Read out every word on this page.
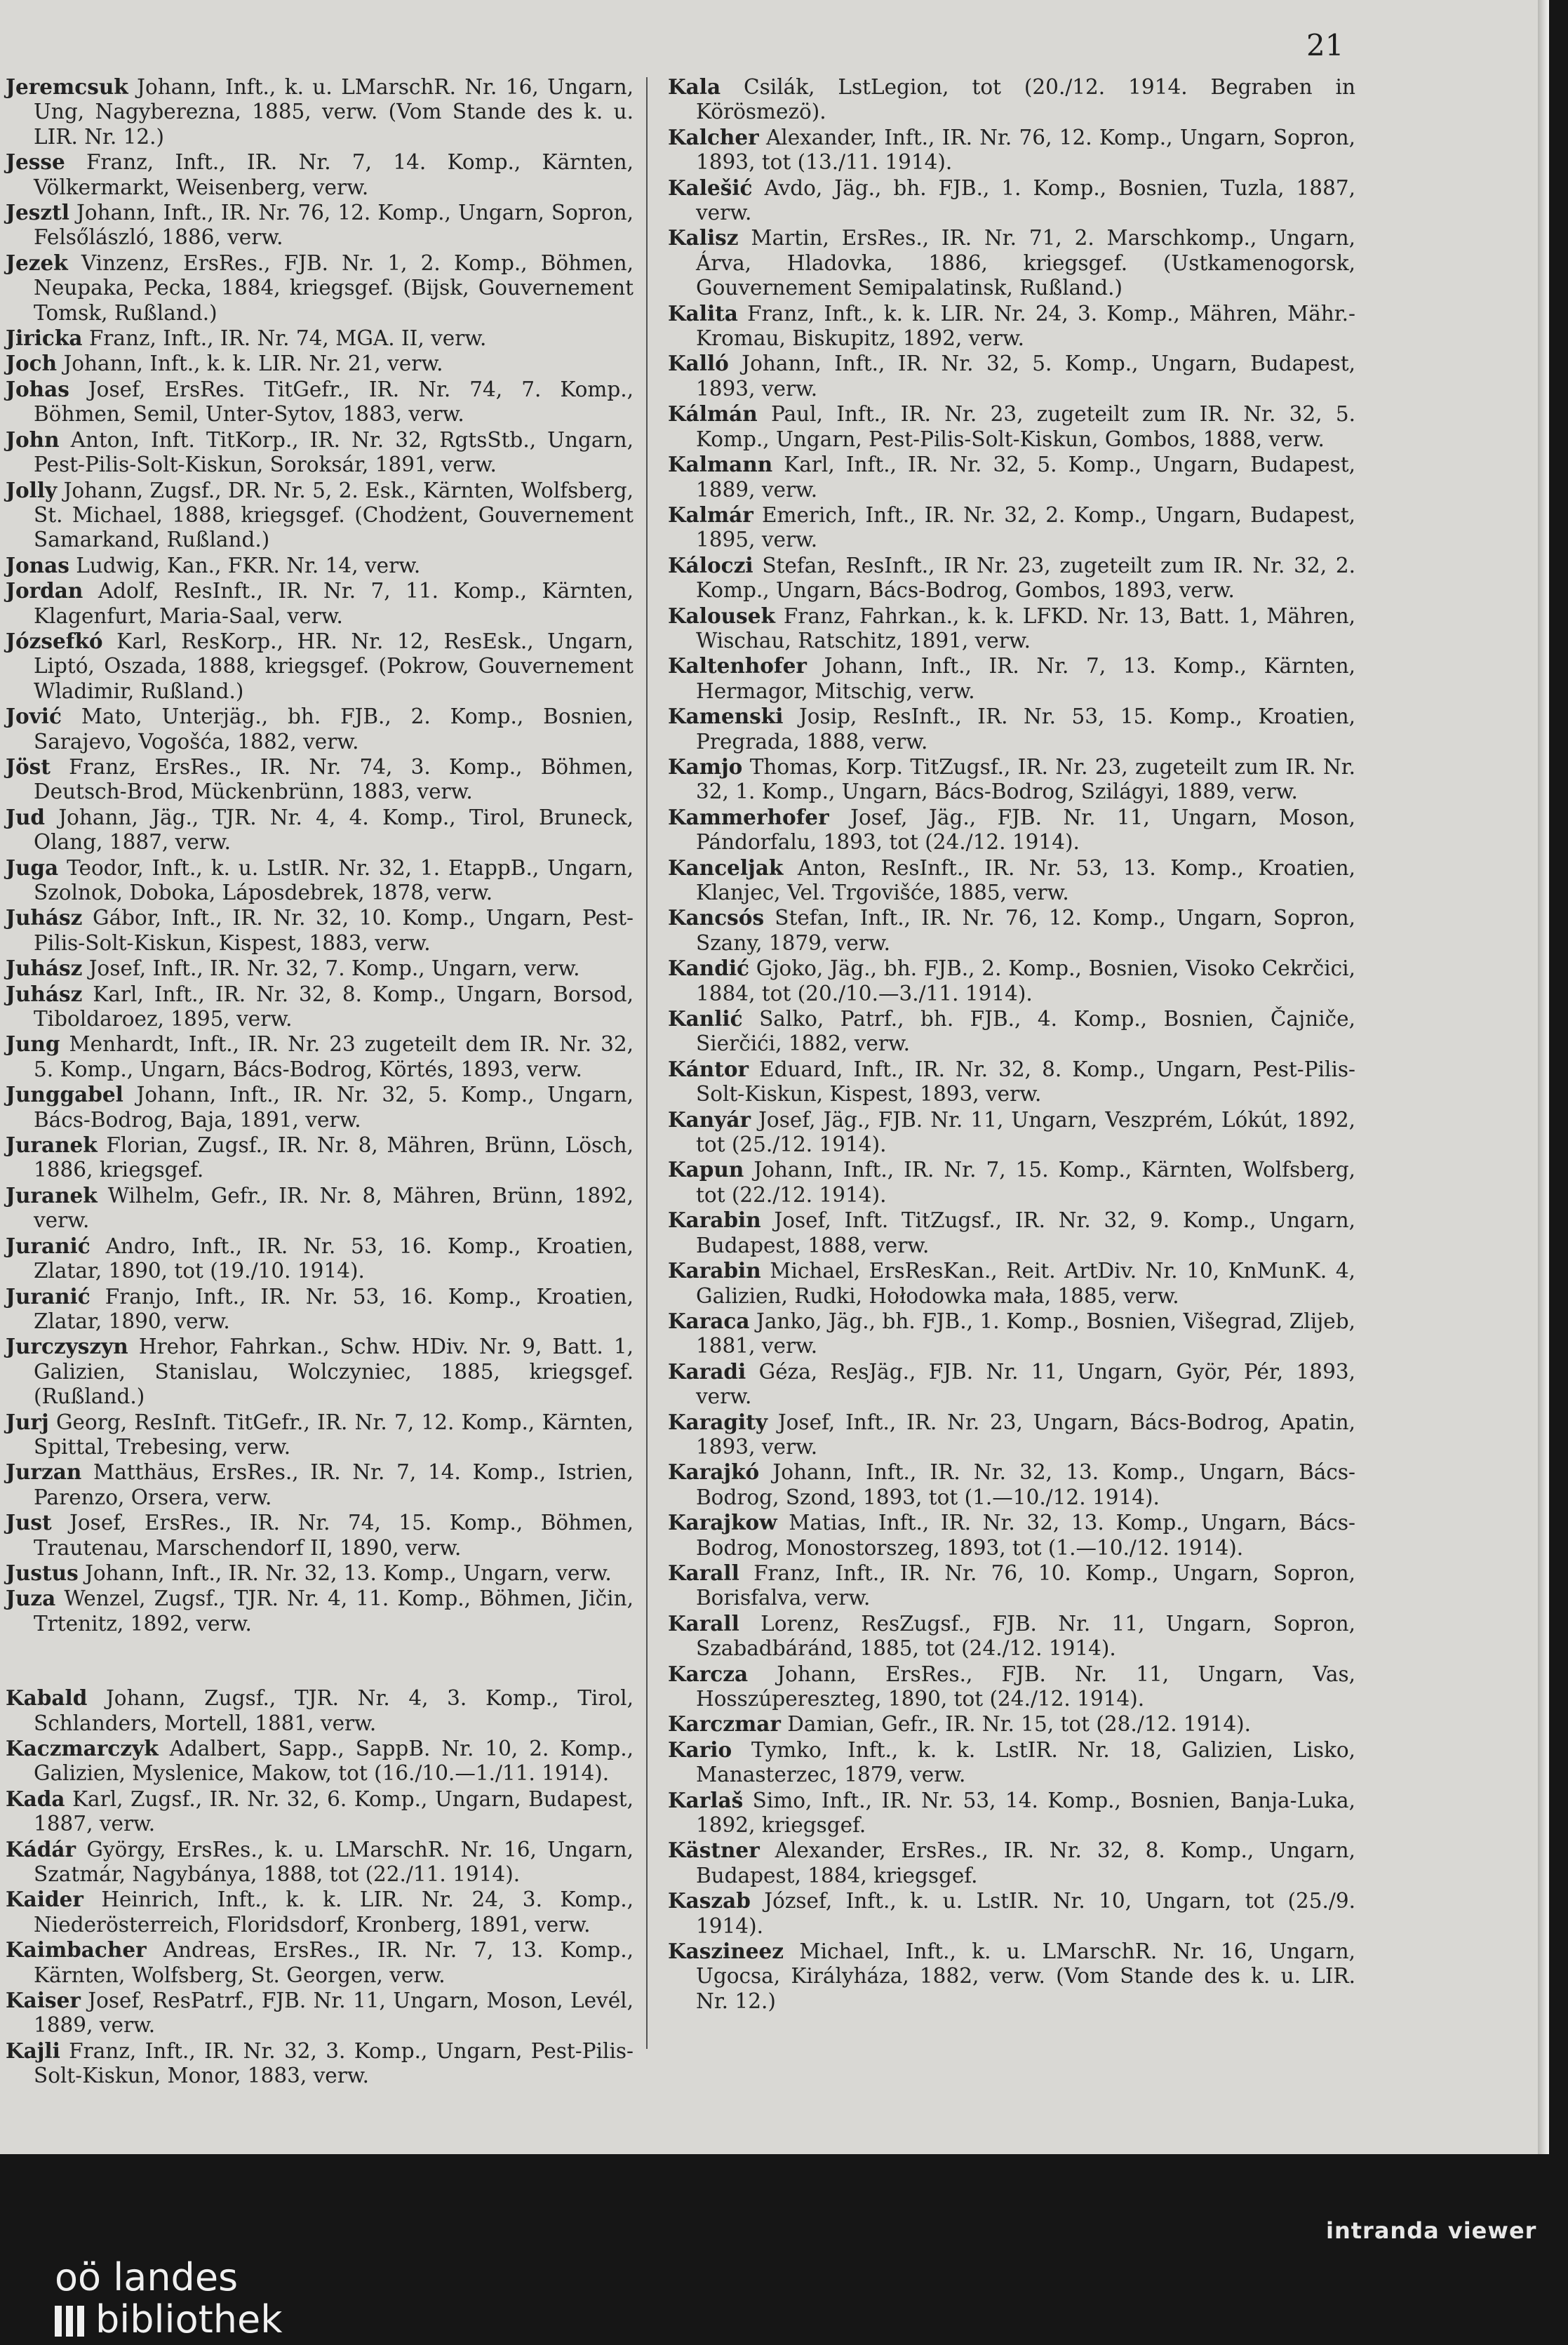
21

Jeremcsuk Johann, Inft., k. u. LMarschR. Nr. 16, Ungarn, Ung, Nagyberezna, 1885, verw. (Vom Stande des k. u. LIR. Nr. 12.)

Jesse Franz, Inft., IR. Nr. 7, 14. Komp., Kärnten, Völkermarkt, Weisenberg, verw.

Jesztl Johann, Inft., IR. Nr. 76, 12. Komp., Ungarn, Sopron, Felsőlászló, 1886, verw.

Jezek Vinzenz, ErsRes., FJB. Nr. 1, 2. Komp., Böhmen, Neupaka, Pecka, 1884, kriegsgef. (Bijsk, Gouvernement Tomsk, Rußland.)

Jiricka Franz, Inft., IR. Nr. 74, MGA. II, verw.

Joch Johann, Inft., k. k. LIR. Nr. 21, verw.

Johas Josef, ErsRes. TitGefr., IR. Nr. 74, 7. Komp., Böhmen, Semil, Unter-Sytov, 1883, verw.

John Anton, Inft. TitKorp., IR. Nr. 32, RgtsStb., Ungarn, Pest-Pilis-Solt-Kiskun, Soroksár, 1891, verw.

Jolly Johann, Zugsf., DR. Nr. 5, 2. Esk., Kärnten, Wolfsberg, St. Michael, 1888, kriegsgef. (Chodżent, Gouvernement Samarkand, Rußland.)

Jonas Ludwig, Kan., FKR. Nr. 14, verw.

Jordan Adolf, ResInft., IR. Nr. 7, 11. Komp., Kärnten, Klagenfurt, Maria-Saal, verw.

Józsefkó Karl, ResKorp., HR. Nr. 12, ResEsk., Ungarn, Liptó, Oszada, 1888, kriegsgef. (Pokrow, Gouvernement Wladimir, Rußland.)

Jović Mato, Unterjäg., bh. FJB., 2. Komp., Bosnien, Sarajevo, Vogošća, 1882, verw.

Jöst Franz, ErsRes., IR. Nr. 74, 3. Komp., Böhmen, Deutsch-Brod, Mückenbrünn, 1883, verw.

Jud Johann, Jäg., TJR. Nr. 4, 4. Komp., Tirol, Bruneck, Olang, 1887, verw.

Juga Teodor, Inft., k. u. LstIR. Nr. 32, 1. EtappB., Ungarn, Szolnok, Doboka, Láposdebrek, 1878, verw.

Juhász Gábor, Inft., IR. Nr. 32, 10. Komp., Ungarn, Pest-Pilis-Solt-Kiskun, Kispest, 1883, verw.

Juhász Josef, Inft., IR. Nr. 32, 7. Komp., Ungarn, verw.

Juhász Karl, Inft., IR. Nr. 32, 8. Komp., Ungarn, Borsod, Tiboldaroez, 1895, verw.

Jung Menhardt, Inft., IR. Nr. 23 zugeteilt dem IR. Nr. 32, 5. Komp., Ungarn, Bács-Bodrog, Körtés, 1893, verw.

Junggabel Johann, Inft., IR. Nr. 32, 5. Komp., Ungarn, Bács-Bodrog, Baja, 1891, verw.

Juranek Florian, Zugsf., IR. Nr. 8, Mähren, Brünn, Lösch, 1886, kriegsgef.

Juranek Wilhelm, Gefr., IR. Nr. 8, Mähren, Brünn, 1892, verw.

Juranić Andro, Inft., IR. Nr. 53, 16. Komp., Kroatien, Zlatar, 1890, tot (19./10. 1914).

Juranić Franjo, Inft., IR. Nr. 53, 16. Komp., Kroatien, Zlatar, 1890, verw.

Jurczyszyn Hrehor, Fahrkan., Schw. HDiv. Nr. 9, Batt. 1, Galizien, Stanislau, Wolczyniec, 1885, kriegsgef. (Rußland.)

Jurj Georg, ResInft. TitGefr., IR. Nr. 7, 12. Komp., Kärnten, Spittal, Trebesing, verw.

Jurzan Matthäus, ErsRes., IR. Nr. 7, 14. Komp., Istrien, Parenzo, Orsera, verw.

Just Josef, ErsRes., IR. Nr. 74, 15. Komp., Böhmen, Trautenau, Marschendorf II, 1890, verw.

Justus Johann, Inft., IR. Nr. 32, 13. Komp., Ungarn, verw.

Juza Wenzel, Zugsf., TJR. Nr. 4, 11. Komp., Böhmen, Jičin, Trtenitz, 1892, verw.

Kabald Johann, Zugsf., TJR. Nr. 4, 3. Komp., Tirol, Schlanders, Mortell, 1881, verw.

Kaczmarczyk Adalbert, Sapp., SappB. Nr. 10, 2. Komp., Galizien, Myslenice, Makow, tot (16./10.—1./11. 1914).

Kada Karl, Zugsf., IR. Nr. 32, 6. Komp., Ungarn, Budapest, 1887, verw.

Kádár György, ErsRes., k. u. LMarschR. Nr. 16, Ungarn, Szatmár, Nagybánya, 1888, tot (22./11. 1914).

Kaider Heinrich, Inft., k. k. LIR. Nr. 24, 3. Komp., Niederösterreich, Floridsdorf, Kronberg, 1891, verw.

Kaimbacher Andreas, ErsRes., IR. Nr. 7, 13. Komp., Kärnten, Wolfsberg, St. Georgen, verw.

Kaiser Josef, ResPatrf., FJB. Nr. 11, Ungarn, Moson, Levél, 1889, verw.

Kajli Franz, Inft., IR. Nr. 32, 3. Komp., Ungarn, Pest-Pilis-Solt-Kiskun, Monor, 1883, verw.

Kala Csilák, LstLegion, tot (20./12. 1914. Begraben in Körösmezö).

Kalcher Alexander, Inft., IR. Nr. 76, 12. Komp., Ungarn, Sopron, 1893, tot (13./11. 1914).

Kalešić Avdo, Jäg., bh. FJB., 1. Komp., Bosnien, Tuzla, 1887, verw.

Kalisz Martin, ErsRes., IR. Nr. 71, 2. Marschkomp., Ungarn, Árva, Hladovka, 1886, kriegsgef. (Ustkamenogorsk, Gouvernement Semipalatinsk, Rußland.)

Kalita Franz, Inft., k. k. LIR. Nr. 24, 3. Komp., Mähren, Mähr.-Kromau, Biskupitz, 1892, verw.

Kalló Johann, Inft., IR. Nr. 32, 5. Komp., Ungarn, Budapest, 1893, verw.

Kálmán Paul, Inft., IR. Nr. 23, zugeteilt zum IR. Nr. 32, 5. Komp., Ungarn, Pest-Pilis-Solt-Kiskun, Gombos, 1888, verw.

Kalmann Karl, Inft., IR. Nr. 32, 5. Komp., Ungarn, Budapest, 1889, verw.

Kalmár Emerich, Inft., IR. Nr. 32, 2. Komp., Ungarn, Budapest, 1895, verw.

Káloczi Stefan, ResInft., IR Nr. 23, zugeteilt zum IR. Nr. 32, 2. Komp., Ungarn, Bács-Bodrog, Gombos, 1893, verw.

Kalousek Franz, Fahrkan., k. k. LFKD. Nr. 13, Batt. 1, Mähren, Wischau, Ratschitz, 1891, verw.

Kaltenhofer Johann, Inft., IR. Nr. 7, 13. Komp., Kärnten, Hermagor, Mitschig, verw.

Kamenski Josip, ResInft., IR. Nr. 53, 15. Komp., Kroatien, Pregrada, 1888, verw.

Kamjo Thomas, Korp. TitZugsf., IR. Nr. 23, zugeteilt zum IR. Nr. 32, 1. Komp., Ungarn, Bács-Bodrog, Szilágyi, 1889, verw.

Kammerhofer Josef, Jäg., FJB. Nr. 11, Ungarn, Moson, Pándorfalu, 1893, tot (24./12. 1914).

Kanceljak Anton, ResInft., IR. Nr. 53, 13. Komp., Kroatien, Klanjec, Vel. Trgovišće, 1885, verw.

Kancsós Stefan, Inft., IR. Nr. 76, 12. Komp., Ungarn, Sopron, Szany, 1879, verw.

Kandić Gjoko, Jäg., bh. FJB., 2. Komp., Bosnien, Visoko Cekrčici, 1884, tot (20./10.—3./11. 1914).

Kanlić Salko, Patrf., bh. FJB., 4. Komp., Bosnien, Čajniče, Sierčići, 1882, verw.

Kántor Eduard, Inft., IR. Nr. 32, 8. Komp., Ungarn, Pest-Pilis-Solt-Kiskun, Kispest, 1893, verw.

Kanyár Josef, Jäg., FJB. Nr. 11, Ungarn, Veszprém, Lókút, 1892, tot (25./12. 1914).

Kapun Johann, Inft., IR. Nr. 7, 15. Komp., Kärnten, Wolfsberg, tot (22./12. 1914).

Karabin Josef, Inft. TitZugsf., IR. Nr. 32, 9. Komp., Ungarn, Budapest, 1888, verw.

Karabin Michael, ErsResKan., Reit. ArtDiv. Nr. 10, KnMunK. 4, Galizien, Rudki, Hołodowka mała, 1885, verw.

Karaca Janko, Jäg., bh. FJB., 1. Komp., Bosnien, Višegrad, Zlijeb, 1881, verw.

Karadi Géza, ResJäg., FJB. Nr. 11, Ungarn, Györ, Pér, 1893, verw.

Karagity Josef, Inft., IR. Nr. 23, Ungarn, Bács-Bodrog, Apatin, 1893, verw.

Karajkó Johann, Inft., IR. Nr. 32, 13. Komp., Ungarn, Bács-Bodrog, Szond, 1893, tot (1.—10./12. 1914).

Karajkow Matias, Inft., IR. Nr. 32, 13. Komp., Ungarn, Bács-Bodrog, Monostorszeg, 1893, tot (1.—10./12. 1914).

Karall Franz, Inft., IR. Nr. 76, 10. Komp., Ungarn, Sopron, Borisfalva, verw.

Karall Lorenz, ResZugsf., FJB. Nr. 11, Ungarn, Sopron, Szabadbáránd, 1885, tot (24./12. 1914).

Karcza Johann, ErsRes., FJB. Nr. 11, Ungarn, Vas, Hosszúpereszteg, 1890, tot (24./12. 1914).

Karczmar Damian, Gefr., IR. Nr. 15, tot (28./12. 1914).

Kario Tymko, Inft., k. k. LstIR. Nr. 18, Galizien, Lisko, Manasterzec, 1879, verw.

Karlaš Simo, Inft., IR. Nr. 53, 14. Komp., Bosnien, Banja-Luka, 1892, kriegsgef.

Kästner Alexander, ErsRes., IR. Nr. 32, 8. Komp., Ungarn, Budapest, 1884, kriegsgef.

Kaszab József, Inft., k. u. LstIR. Nr. 10, Ungarn, tot (25./9. 1914).

Kaszineez Michael, Inft., k. u. LMarschR. Nr. 16, Ungarn, Ugocsa, Királyháza, 1882, verw. (Vom Stande des k. u. LIR. Nr. 12.)

oö landes
bibliothek
intranda viewer
